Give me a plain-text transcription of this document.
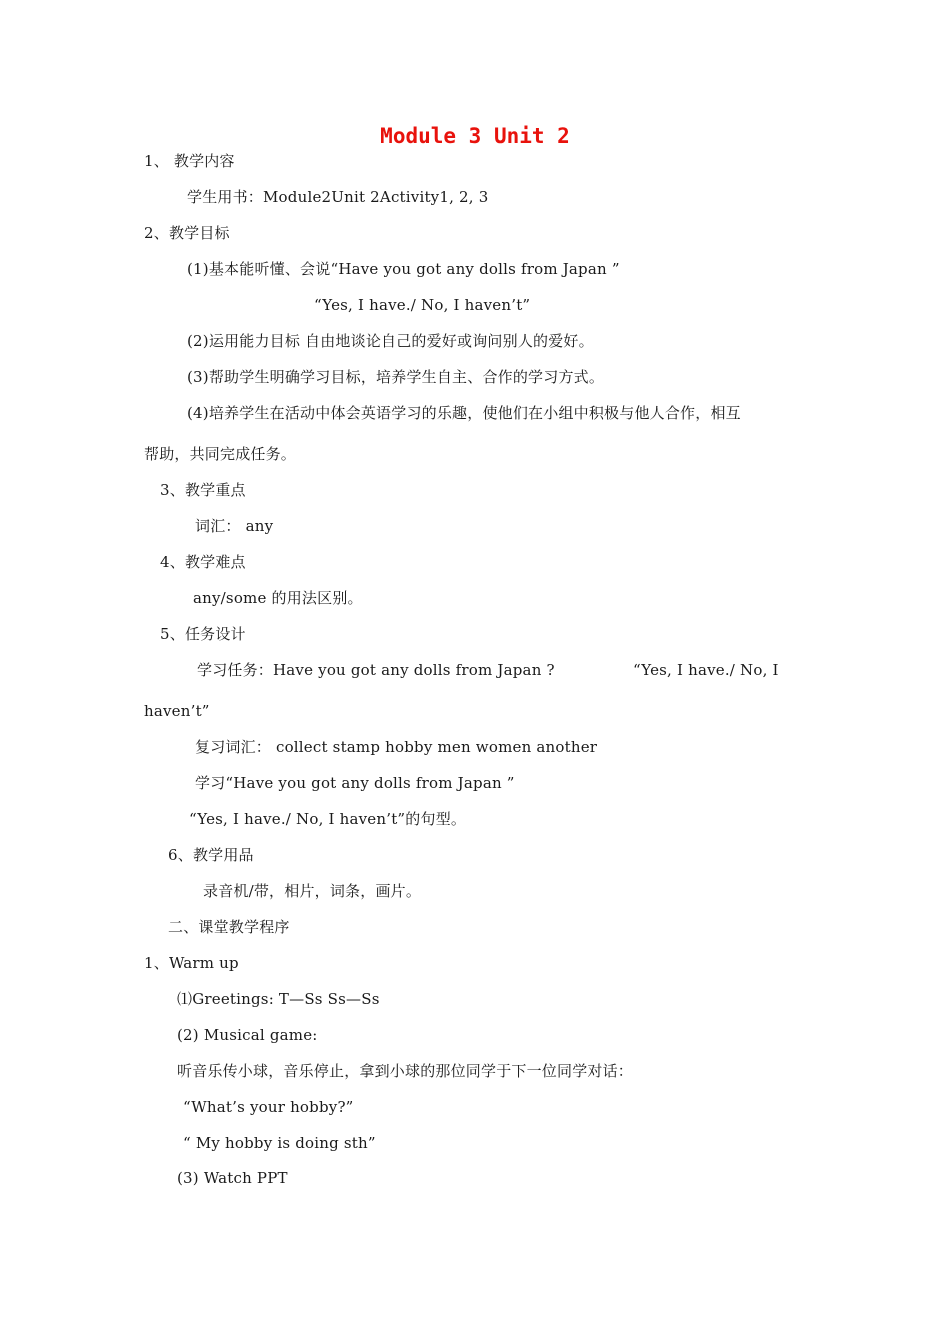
Module 3 Unit 2
1、 教学内容
学生用书：Module2Unit 2Activity1, 2, 3
2、教学目标
(1)基本能听懂、会说“Have you got any dolls from Japan ”
“Yes, I have./ No, I haven’t”
(2)运用能力目标 自由地谈论自己的爱好或询问别人的爱好。
(3)帮助学生明确学习目标，培养学生自主、合作的学习方式。
(4)培养学生在活动中体会英语学习的乐趣，使他们在小组中积极与他人合作，相互
帮助，共同完成任务。
3、教学重点
词汇： any
4、教学难点
any/some 的用法区别。
5、任务设计
学习任务：Have you got any dolls from Japan ?	“Yes, I have./ No, I
haven’t”
复习词汇： collect stamp hobby men women another
学习“Have you got any dolls from Japan ”
“Yes, I have./ No, I haven’t”的句型。
6、教学用品
录音机/带，相片，词条，画片。
二、课堂教学程序
1、Warm up
⑴Greetings: T—Ss Ss—Ss
(2) Musical game:
听音乐传小球，音乐停止，拿到小球的那位同学于下一位同学对话：
“What’s your hobby?”
“ My hobby is doing sth”
(3) Watch PPT
